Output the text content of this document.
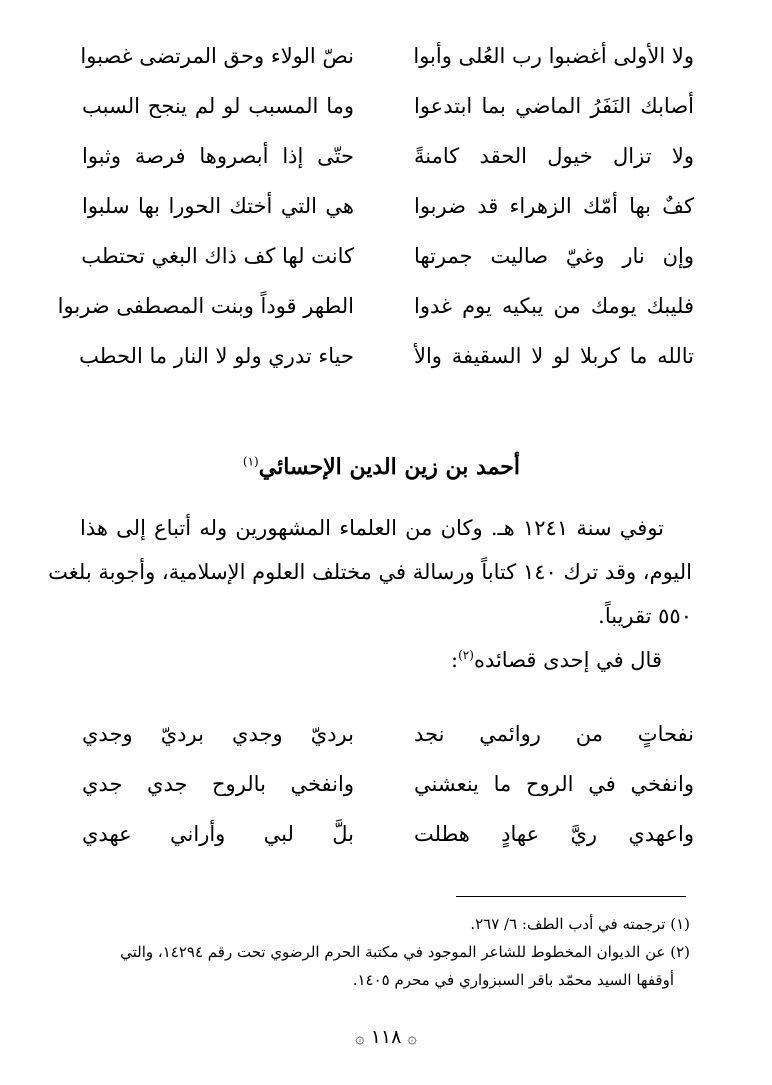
ولا الأولى أغضبوا رب العُلى وأبوا
نصّ الولاء وحق المرتضى غصبوا
أصابك النَفَرُ الماضي بما ابتدعوا
وما المسبب لو لم ينجح السبب
ولا تزال خيول الحقد كامنةً
حتّى إذا أبصروها فرصة وثبوا
كفٌ بها أمّك الزهراء قد ضربوا
هي التي أختك الحورا بها سلبوا
وإن نار وغيّ صاليت جمرتها
كانت لها كف ذاك البغي تحتطب
فليبك يومك من يبكيه يوم غدوا
الطهر قوداً وبنت المصطفى ضربوا
تالله ما كربلا لو لا السقيفة والأ
حياء تدري ولو لا النار ما الحطب
أحمد بن زين الدين الإحسائي$^{(١)}$
توفي سنة ١٢٤١ هـ. وكان من العلماء المشهورين وله أتباع إلى هذا
اليوم، وقد ترك ١٤٠ كتاباً ورسالة في مختلف العلوم الإسلامية، وأجوبة بلغت
٥٥٠ تقريباً.
قال في إحدى قصائده$^{(٢)}$:
نفحاتٍ من روائمي نجد
برديّ وجدي برديّ وجدي
وانفخي في الروح ما ينعشني
وانفخي بالروح جدي جدي
واعهدي ريَّ عهادٍ هطلت
بلَّ لبي وأراني عهدي
(١) ترجمته في أدب الطف: ٦/ ٢٦٧.
(٢) عن الديوان المخطوط للشاعر الموجود في مكتبة الحرم الرضوي تحت رقم ١٤٢٩٤، والتي
أوقفها السيد محمّد باقر السبزواري في محرم ١٤٠٥.
۞ ١١٨ ۞
